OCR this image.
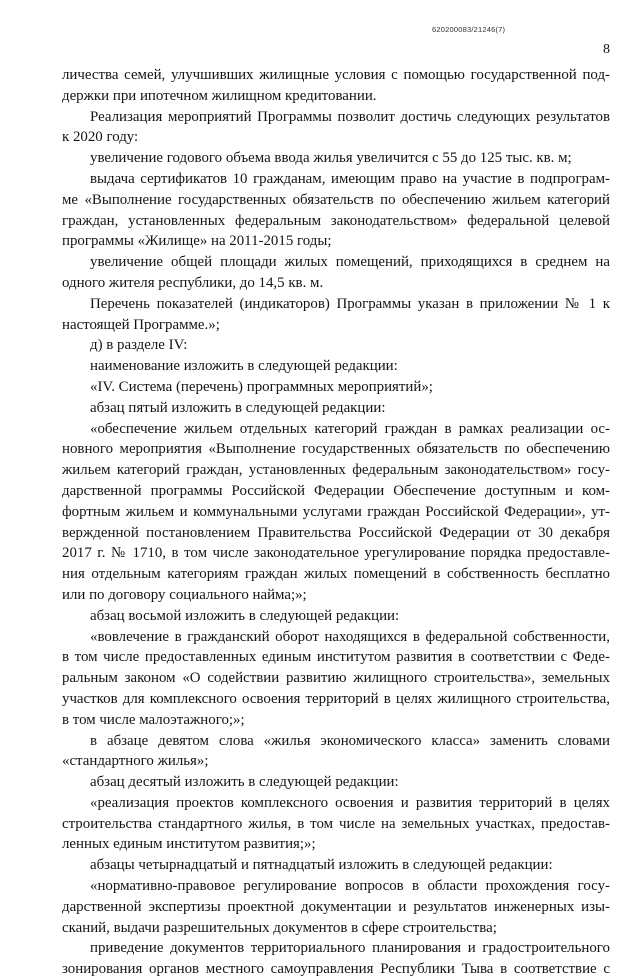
620200083/21246(7)
8
личества семей, улучшивших жилищные условия с помощью государственной под-
держки при ипотечном жилищном кредитовании.
Реализация мероприятий Программы позволит достичь следующих результатов
к 2020 году:
увеличение годового объема ввода жилья увеличится с 55 до 125 тыс. кв. м;
выдача сертификатов 10 гражданам, имеющим право на участие в подпрограм-
ме «Выполнение государственных обязательств по обеспечению жильем категорий
граждан, установленных федеральным законодательством» федеральной целевой
программы «Жилище» на 2011-2015 годы;
увеличение общей площади жилых помещений, приходящихся в среднем на
одного жителя республики, до 14,5 кв. м.
Перечень показателей (индикаторов) Программы указан в приложении № 1 к
настоящей Программе.»;
д) в разделе IV:
наименование изложить в следующей редакции:
«IV. Система (перечень) программных мероприятий»;
абзац пятый изложить в следующей редакции:
«обеспечение жильем отдельных категорий граждан в рамках реализации ос-
новного мероприятия «Выполнение государственных обязательств по обеспечению
жильем категорий граждан, установленных федеральным законодательством» госу-
дарственной программы Российской Федерации Обеспечение доступным и ком-
фортным жильем и коммунальными услугами граждан Российской Федерации», ут-
вержденной постановлением Правительства Российской Федерации от 30 декабря
2017 г. № 1710, в том числе законодательное урегулирование порядка предоставле-
ния отдельным категориям граждан жилых помещений в собственность бесплатно
или по договору социального найма;»;
абзац восьмой изложить в следующей редакции:
«вовлечение в гражданский оборот находящихся в федеральной собственности,
в том числе предоставленных единым институтом развития в соответствии с Феде-
ральным законом «О содействии развитию жилищного строительства», земельных
участков для комплексного освоения территорий в целях жилищного строительства,
в том числе малоэтажного;»;
в абзаце девятом слова «жилья экономического класса» заменить словами
«стандартного жилья»;
абзац десятый изложить в следующей редакции:
«реализация проектов комплексного освоения и развития территорий в целях
строительства стандартного жилья, в том числе на земельных участках, предостав-
ленных единым институтом развития;»;
абзацы четырнадцатый и пятнадцатый изложить в следующей редакции:
«нормативно-правовое регулирование вопросов в области прохождения госу-
дарственной экспертизы проектной документации и результатов инженерных изы-
сканий, выдачи разрешительных документов в сфере строительства;
приведение документов территориального планирования и градостроительного
зонирования органов местного самоуправления Республики Тыва в соответствие с
